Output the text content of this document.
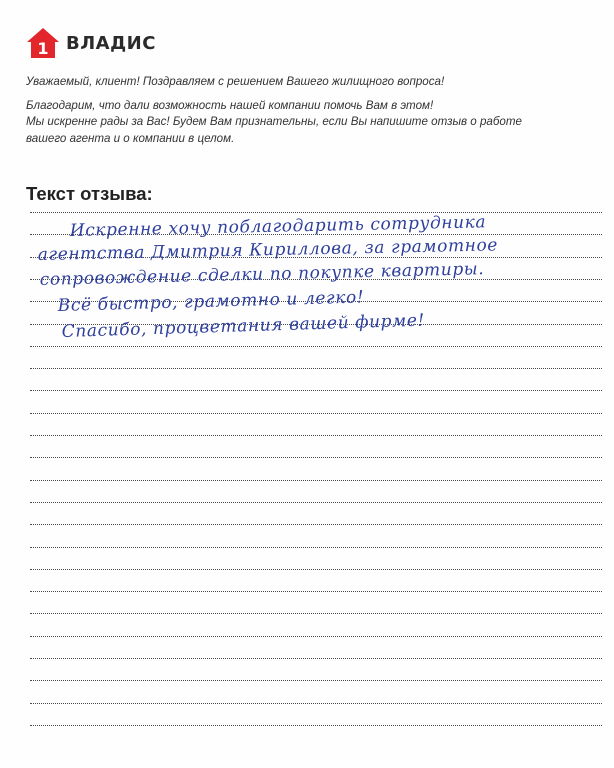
1 ВЛАДИС

Уважаемый, клиент! Поздравляем с решением Вашего жилищного вопроса!

Благодарим, что дали возможность нашей компании помочь Вам в этом!
Мы искренне рады за Вас! Будем Вам признательны, если Вы напишите отзыв о работе
вашего агента и о компании в целом.

Текст отзыва:
Искренне хочу поблагодарить сотрудника
агентства Дмитрия Кириллова, за грамотное
сопровождение сделки по покупке квартиры.
Всё быстро, грамотно и легко!
Спасибо, процветания вашей фирме!
